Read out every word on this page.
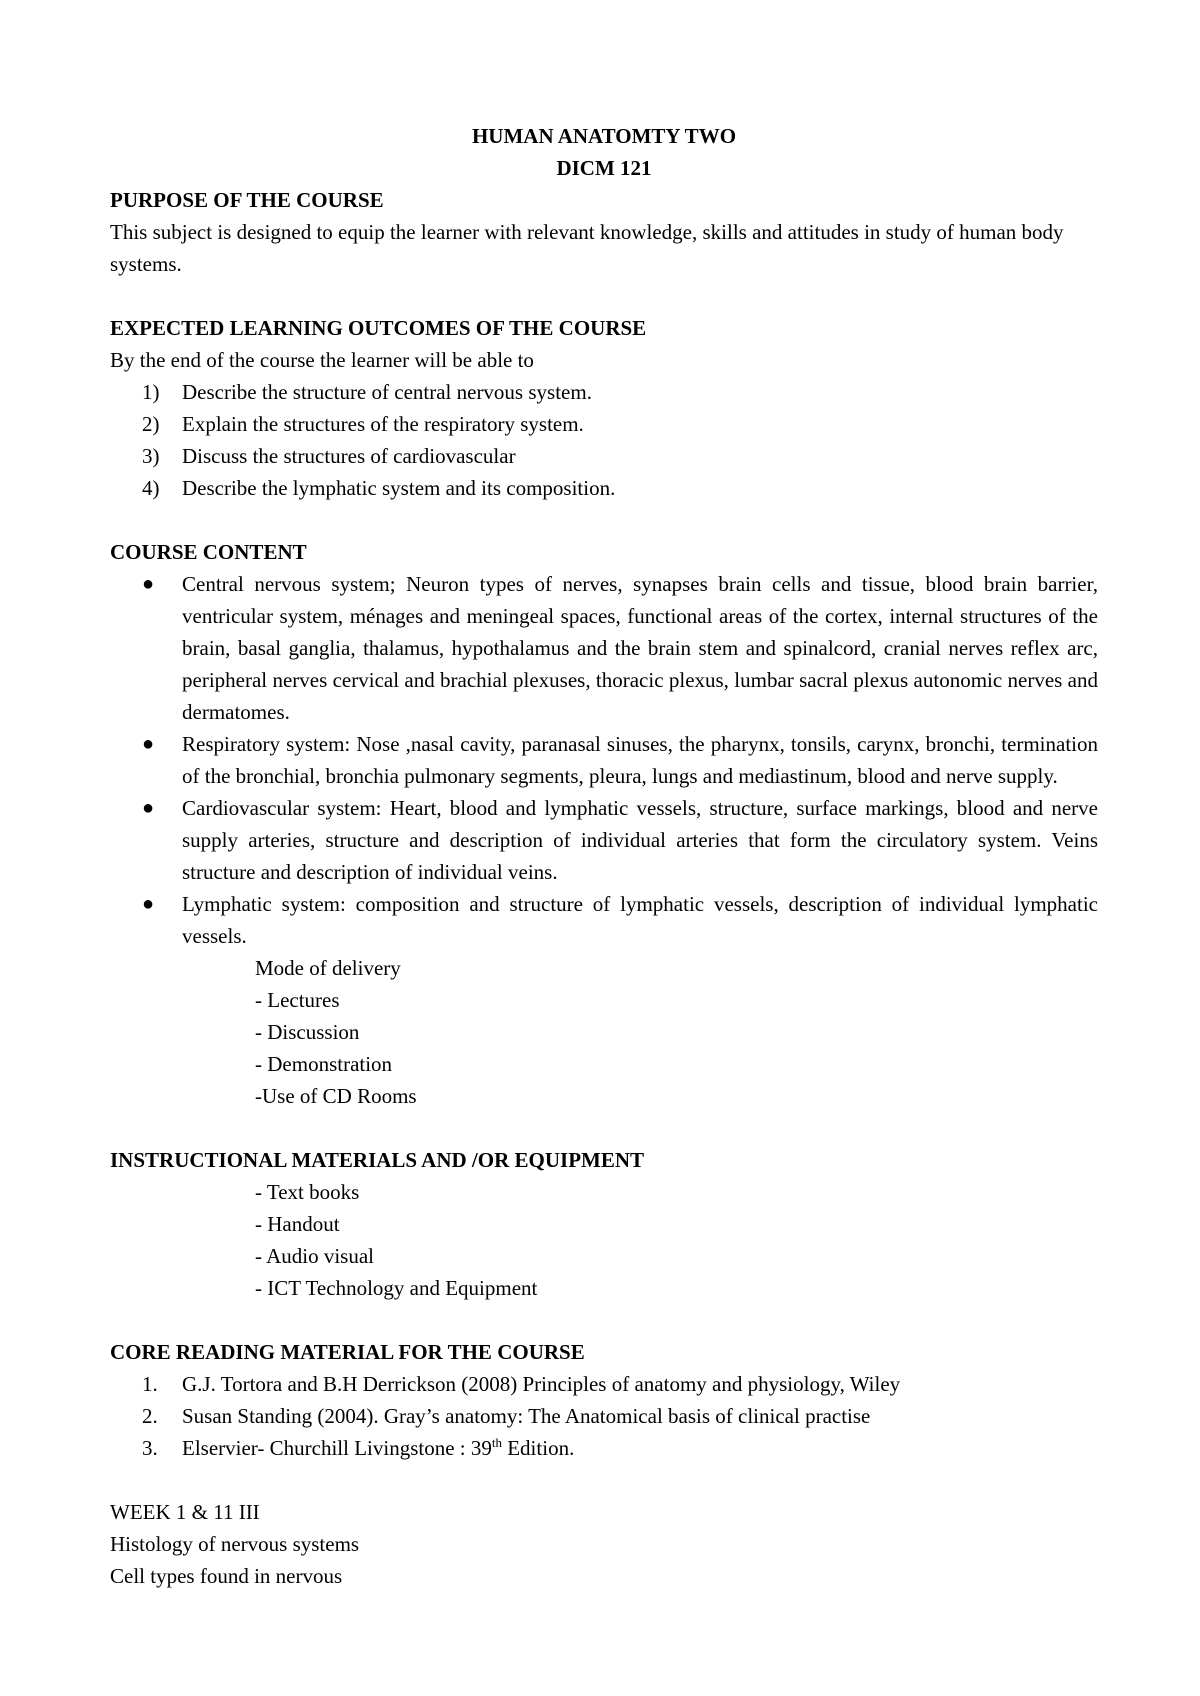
HUMAN ANATOMTY TWO
DICM 121
PURPOSE OF THE COURSE

This subject is designed to equip the learner with relevant knowledge, skills and attitudes in study of human body systems.

EXPECTED LEARNING OUTCOMES OF THE COURSE
By the end of the course the learner will be able to
1)	Describe the structure of central nervous system.
2)	Explain the structures of the respiratory system.
3)	Discuss the structures of cardiovascular
4)	Describe the lymphatic system and its composition.
COURSE CONTENT
● Central nervous system; Neuron types of nerves, synapses brain cells and tissue, blood brain barrier, ventricular system, ménages and meningeal spaces, functional areas of the cortex, internal structures of the brain, basal ganglia, thalamus, hypothalamus and the brain stem and spinalcord, cranial nerves reflex arc, peripheral nerves cervical and brachial plexuses, thoracic plexus, lumbar sacral plexus autonomic nerves and dermatomes.
● Respiratory system: Nose ,nasal cavity, paranasal sinuses, the pharynx, tonsils, carynx, bronchi, termination of the bronchial, bronchia pulmonary segments, pleura, lungs and mediastinum, blood and nerve supply.
● Cardiovascular system: Heart, blood and lymphatic vessels, structure, surface markings, blood and nerve supply arteries, structure and description of individual arteries that form the circulatory system. Veins structure and description of individual veins.
● Lymphatic system: composition and structure of lymphatic vessels, description of individual lymphatic vessels.
Mode of delivery
- Lectures
- Discussion
- Demonstration
-Use of CD Rooms
INSTRUCTIONAL MATERIALS AND /OR EQUIPMENT
- Text books
- Handout
- Audio visual
- ICT Technology and Equipment
CORE READING MATERIAL FOR THE COURSE
1.	G.J. Tortora and B.H Derrickson (2008) Principles of anatomy and physiology, Wiley
2.	Susan Standing (2004). Gray’s anatomy: The Anatomical basis of clinical practise
3.	Elservier- Churchill Livingstone : 39th Edition.
WEEK 1 & 11 III
Histology of nervous systems
Cell types found in nervous
